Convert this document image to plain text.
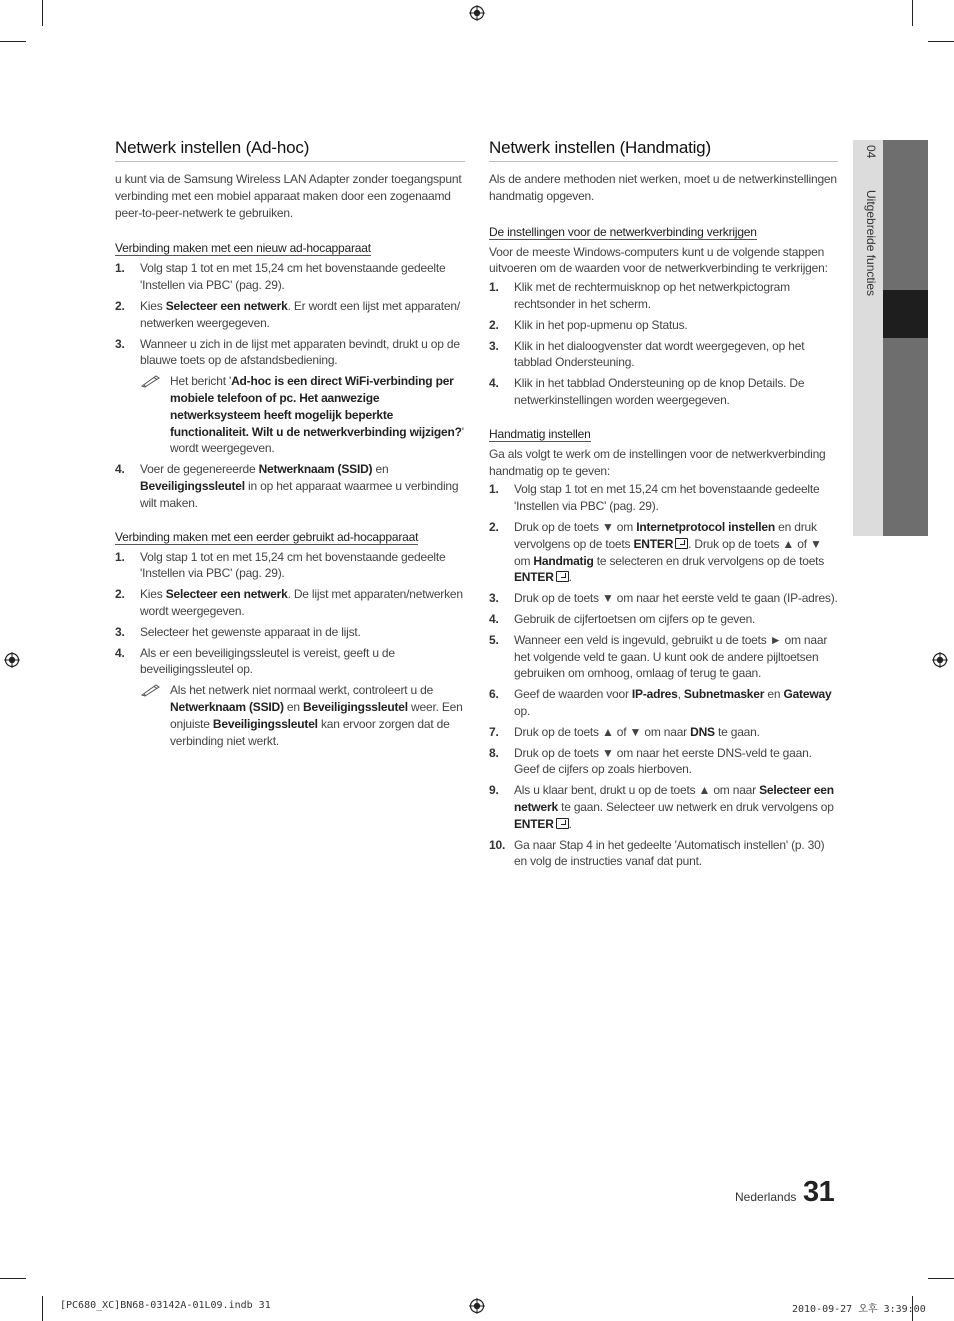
04 Uitgebreide functies
Netwerk instellen (Ad-hoc)

u kunt via de Samsung Wireless LAN Adapter zonder toegangspunt verbinding met een mobiel apparaat maken door een zogenaamd peer-to-peer-netwerk te gebruiken.

Verbinding maken met een nieuw ad-hocapparaat
1. Volg stap 1 tot en met 15,24 cm het bovenstaande gedeelte 'Instellen via PBC' (pag. 29).
2. Kies Selecteer een netwerk. Er wordt een lijst met apparaten/ netwerken weergegeven.
3. Wanneer u zich in de lijst met apparaten bevindt, drukt u op de blauwe toets op de afstandsbediening.
Het bericht 'Ad-hoc is een direct WiFi-verbinding per mobiele telefoon of pc. Het aanwezige netwerksysteem heeft mogelijk beperkte functionaliteit. Wilt u de netwerkverbinding wijzigen?' wordt weergegeven.
4. Voer de gegenereerde Netwerknaam (SSID) en Beveiligingssleutel in op het apparaat waarmee u verbinding wilt maken.
Verbinding maken met een eerder gebruikt ad-hocapparaat
1. Volg stap 1 tot en met 15,24 cm het bovenstaande gedeelte 'Instellen via PBC' (pag. 29).
2. Kies Selecteer een netwerk. De lijst met apparaten/netwerken wordt weergegeven.
3. Selecteer het gewenste apparaat in de lijst.
4. Als er een beveiligingssleutel is vereist, geeft u de beveiligingssleutel op.
Als het netwerk niet normaal werkt, controleert u de Netwerknaam (SSID) en Beveiligingssleutel weer. Een onjuiste Beveiligingssleutel kan ervoor zorgen dat de verbinding niet werkt.
Netwerk instellen (Handmatig)

Als de andere methoden niet werken, moet u de netwerkinstellingen handmatig opgeven.

De instellingen voor de netwerkverbinding verkrijgen

Voor de meeste Windows-computers kunt u de volgende stappen uitvoeren om de waarden voor de netwerkverbinding te verkrijgen:

1. Klik met de rechtermuisknop op het netwerkpictogram rechtsonder in het scherm.
2. Klik in het pop-upmenu op Status.
3. Klik in het dialoogvenster dat wordt weergegeven, op het tabblad Ondersteuning.
4. Klik in het tabblad Ondersteuning op de knop Details. De netwerkinstellingen worden weergegeven.
Handmatig instellen

Ga als volgt te werk om de instellingen voor de netwerkverbinding handmatig op te geven:

1. Volg stap 1 tot en met 15,24 cm het bovenstaande gedeelte 'Instellen via PBC' (pag. 29).
2. Druk op de toets ▼ om Internetprotocol instellen en druk vervolgens op de toets ENTER . Druk op de toets ▲ of ▼ om Handmatig te selecteren en druk vervolgens op de toets ENTER .
3. Druk op de toets ▼ om naar het eerste veld te gaan (IP-adres).
4. Gebruik de cijfertoetsen om cijfers op te geven.
5. Wanneer een veld is ingevuld, gebruikt u de toets ► om naar het volgende veld te gaan. U kunt ook de andere pijltoetsen gebruiken om omhoog, omlaag of terug te gaan.
6. Geef de waarden voor IP-adres, Subnetmasker en Gateway op.
7. Druk op de toets ▲ of ▼ om naar DNS te gaan.
8. Druk op de toets ▼ om naar het eerste DNS-veld te gaan. Geef de cijfers op zoals hierboven.
9. Als u klaar bent, drukt u op de toets ▲ om naar Selecteer een netwerk te gaan. Selecteer uw netwerk en druk vervolgens op ENTER .
10. Ga naar Stap 4 in het gedeelte 'Automatisch instellen' (p. 30) en volg de instructies vanaf dat punt.
Nederlands 31
[PC680_XC]BN68-03142A-01L09.indb 31	2010-09-27 오후 3:39:00
